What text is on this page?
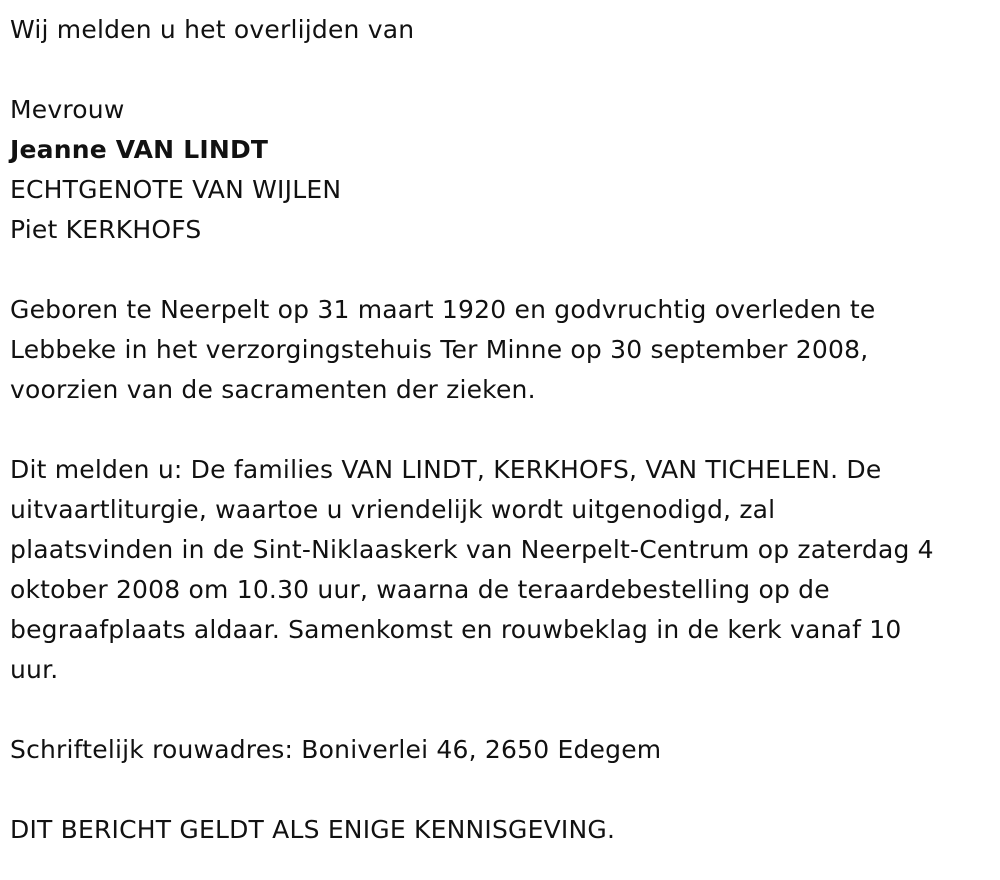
Wij melden u het overlijden van
Mevrouw
Jeanne VAN LINDT
ECHTGENOTE VAN WIJLEN
Piet KERKHOFS
Geboren te Neerpelt op 31 maart 1920 en godvruchtig overleden te
Lebbeke in het verzorgingstehuis Ter Minne op 30 september 2008,
voorzien van de sacramenten der zieken.
Dit melden u: De families VAN LINDT, KERKHOFS, VAN TICHELEN. De
uitvaartliturgie, waartoe u vriendelijk wordt uitgenodigd, zal
plaatsvinden in de Sint-Niklaaskerk van Neerpelt-Centrum op zaterdag 4
oktober 2008 om 10.30 uur, waarna de teraardebestelling op de
begraafplaats aldaar. Samenkomst en rouwbeklag in de kerk vanaf 10
uur.
Schriftelijk rouwadres: Boniverlei 46, 2650 Edegem
DIT BERICHT GELDT ALS ENIGE KENNISGEVING.
